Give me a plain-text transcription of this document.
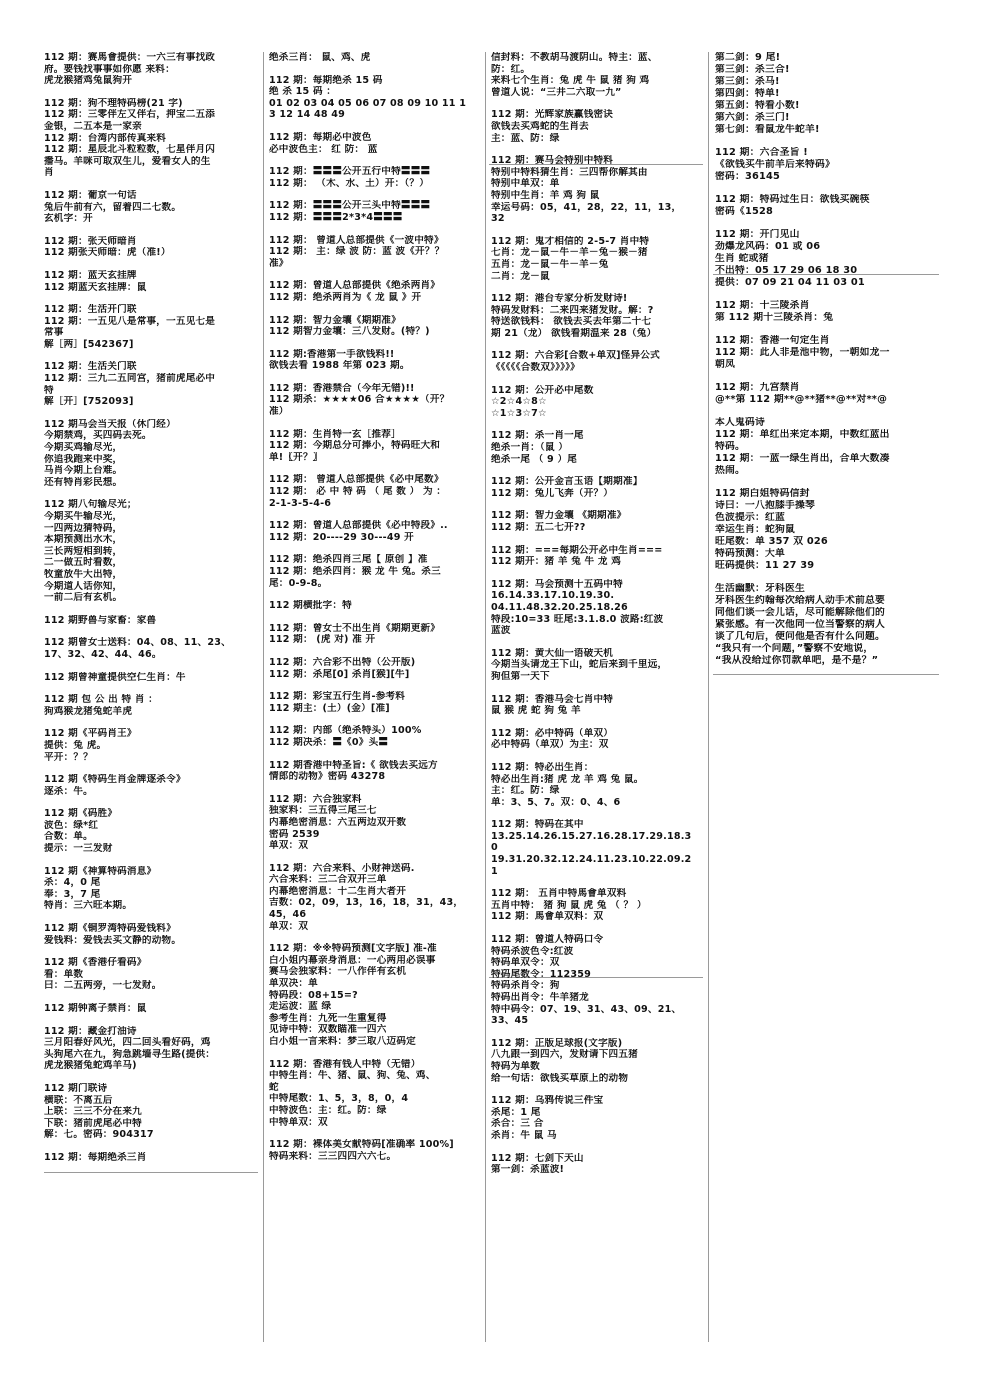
112 期：赛馬會提供：一六三有事找政
府。要钱找事事如你愿 来料：
虎龙猴猪鸡兔鼠狗开
112 期：狗不理特码榜(21 字)
112 期：三零伴左又伴右，押宝二五添
金银，二五本是一家亲
112 期：台湾内部传真来料
112 期：星辰北斗粒粒数，七星伴月闪
播马。羊咪可取双生儿，爱看女人的生
肖
112 期：葡京一句话
兔后牛前有六，留着四二七数。
玄机字：开
112 期：张天师暗肖
112 期张天师暗：虎（准!）
112 期：蓝天玄挂牌
112 期蓝天玄挂牌：鼠
112 期：生活开门联
112 期：一五见八是常事，一五见七是
常事
解［两］[542367]
112 期：生活关门联
112 期：三九二五同宫，猪前虎尾必中
特
解［开］[752093]
112 期马会当天报（休门经）
今期禁鸡，买四码去死。
今期买鸡输尽光，
你追我跑来中奖，
马肖今期上台难。
还有特肖彩民想。
112 期八句输尽光；
今期买牛输尽光，
一四两边猜特码，
本期预测出水木，
三长两短相到转，
二一做五时看数，
牧童放牛大出特，
今期道人话你知，
一前二后有玄机。
112 期野兽与家畜：家兽
112 期曾女士送料：04、08、11、23、
17、32、42、44、46。
112 期曾神童提供空仁生肖：牛
112 期 包 公 出 特 肖 ：
狗鸡猴龙猪兔蛇羊虎
112 期《平码肖王》
提供：兔 虎。
平开：？？
112 期《特码生肖金牌逐杀令》
逐杀：牛。
112 期《码胜》
波色：绿*红
合数：单。
提示：一三发财
112 期《神算特码消息》
杀：4，0 尾
奉：3，7 尾
特肖：三六旺本期。
112 期《铜罗湾特码爱钱料》
爱钱料：爱钱去买文静的动物。
112 期《香港仔看码》
看：单数
曰：二五两旁，一七发财。
112 期钟离子禁肖：鼠
112 期：藏金打油诗
三月阳春好风光，四二回头看好码，鸡
头狗尾六在九，狗急跳墙寻生路(提供：
虎龙猴猪兔蛇鸡羊马)
112 期门联诗
横联：不离五后
上联：三三不分在来九
下联：猪前虎尾必中特
解：七。密码：904317
112 期：每期绝杀三肖
绝杀三肖： 鼠、鸡、虎
112 期：每期绝杀 15 码
绝 杀 15 码 ：
01 02 03 04 05 06 07 08 09 10 11 1
3 12 14 48 49
112 期：每期必中波色
必中波色主： 红 防： 蓝
112 期：〓〓〓公开五行中特〓〓〓
112 期： （木、水、土）开：（？）
112 期：〓〓〓公开三头中特〓〓〓
112 期：〓〓〓2*3*4〓〓〓
112 期： 曾道人总部提供《一波中特》
112 期： 主：绿 波 防：蓝 波《开？？
准》
112 期：曾道人总部提供《绝杀两肖》
112 期：绝杀两肖为《 龙 鼠 》开
112 期：智力金壤《期期准》
112 期智力金壤：三八发财。(特？)
112 期:香港第一手欲钱料!!
欲钱去看 1988 年第 023 期。
112 期：香港禁合（今年无错)!!
112 期杀：★★★★06 合★★★★（开？
准）
112 期：生肖特一玄［推荐］
112 期：今期总分可捧小，特码旺大和
单!〖开？〗
112 期： 曾道人总部提供《必中尾数》
112 期： 必 中 特 码 （ 尾 数 ） 为 ：
2-1-3-5-4-6
112 期：曾道人总部提供《必中特段》..
112 期：20----29 30---49 开
112 期：绝杀四肖三尾【 原创 】准
112 期：绝杀四肖：猴 龙 牛 兔。杀三
尾：0-9-8。
112 期横批字：特
112 期：曾女士不出生肖《期期更新》
112 期： (虎 对) 准 开
112 期：六合彩不出特（公开版)
112 期：杀尾[0] 杀肖[猴][牛]
112 期：彩宝五行生肖-参考料
112 期主：(土）(金）[准]
112 期：内部（绝杀特头）100%
112 期决杀：〓《0》头〓
112 期香港中特圣旨:《 欲钱去买远方
情郎的动物》密码 43278
112 期：六合独家料
独家料：三五得三尾三七
内幕绝密消息：六五两边双开数
密码 2539
单双：双
112 期：六合来料、小财神送码.
六合来料：三二合双开三单
内幕绝密消息：十二生肖大者开
吉数：02，09，13，16，18，31，43，
45，46
单双：双
112 期：※※特码预测[文字版] 准-准
白小姐内幕亲身消息：一心两用必误事
赛马会独家料：一八作伴有玄机
单双决：单
特码段：08+15=?
走运波：蓝 绿
参考生肖：九死一生重复得
见诗中特：双数瞄准一四六
白小姐一言来料：梦三取八迈码定
112 期：香港有钱人中特（无错）
中特生肖：牛、猪、鼠、狗、兔、鸡、
蛇
中特尾数：1、5，3，8，0，4
中特波色：主：红。防：绿
中特单双：双
112 期：裸体美女献特码[准确率 100%]
特码来料：三三四四六六七。
信封料：不教胡马渡阴山。特主：蓝、
防：红。
来料七个生肖：兔 虎 牛 鼠 猪 狗 鸡
曾道人说：“三井二六取一九”
112 期：光辉家族赢钱密诀
欲钱去买鸡蛇的生肖去
主：蓝、防：绿
112 期：赛马会特别中特料
特别中特料猜生肖：三四帮你解其由
特别中单双：单
特别中生肖：羊 鸡 狗 鼠
幸运号码：05，41，28，22，11，13，
32
112 期：鬼才相信的 2-5-7 肖中特
七肖：龙－鼠－牛－羊－兔－猴－猪
五肖：龙－鼠－牛－羊－兔
二肖：龙－鼠
112 期：港台专家分析发财诗!
特码发财料：二来四来猪发财。解：?
特送欲钱料： 欲钱去买去年第二十七
期 21（龙） 欲钱看期温来 28（兔）
112 期：六合彩[合数+单双]怪异公式
《《《《《合数双》》》》》
112 期：公开必中尾数
☆2☆4☆8☆
☆1☆3☆7☆
112 期：杀一肖一尾
绝杀一肖：（鼠 ）
绝杀一尾 （ 9 ）尾
112 期：公开金言玉语【期期准】
112 期：兔儿飞奔（开？）
112 期：智力金壤 《期期准》
112 期：五二七开??
112 期：===每期公开必中生肖===
112 期开：猪 羊 兔 牛 龙 鸡
112 期：马会预测十五码中特
16.14.33.17.10.19.30.
04.11.48.32.20.25.18.26
特段:10=33 旺尾:3.1.8.0 波路:红波
蓝波
112 期：黄大仙一语破天机
今期当头请龙王下山，蛇后来到千里远，
狗但第一天下
112 期：香港马会七肖中特
鼠 猴 虎 蛇 狗 兔 羊
112 期：必中特码（单双）
必中特码（单双）为主：双
112 期：特必出生肖：
特必出生肖:猪 虎 龙 羊 鸡 兔 鼠。
主：红。防：绿
单：3、5、7。双：0、4、6
112 期：特码在其中
13.25.14.26.15.27.16.28.17.29.18.3
0
19.31.20.32.12.24.11.23.10.22.09.2
1
112 期： 五肖中特馬會单双料
五肖中特： 猪 狗 鼠 虎 兔 （ ？ ）
112 期：馬會单双料：双
112 期：曾道人特码口令
特码杀波色令:红波
特码单双令：双
特码尾数令：112359
特码杀肖令：狗
特码出肖令：牛羊猪龙
特中码令：07、19、31、43、09、21、
33、45
112 期：正版足球报(文字版)
八九跟一到四六，发财请下四五猪
特码为单数
给一句话：欲钱买草原上的动物
112 期：乌鸦传说三件宝
杀尾：1 尾
杀合：三 合
杀肖：牛 鼠 马
112 期：七剑下天山
第一剑：杀蓝波!
第二剑：9 尾!
第三剑：杀三合!
第三剑：杀马!
第四剑：特单!
第五剑：特看小数!
第六剑：杀三门!
第七剑：看鼠龙牛蛇羊!
112 期：六合圣旨 !
《欲钱买牛前羊后来特码》
密码：36145
112 期：特码过生日：欲钱买碗筷
密码《1528
112 期：开门见山
劲爆龙风码：01 或 06
生肖 蛇或猪
不出特：05 17 29 06 18 30
提供：07 09 21 04 11 03 01
112 期：十三陵杀肖
第 112 期十三陵杀肖：兔
112 期：香港一句定生肖
112 期：此人非是池中物，一朝如龙一
朝凤
112 期：九宫禁肖
@**第 112 期**@**猪**@**对**@
本人鬼码诗
112 期：单红出来定本期，中数红蓝出
特码。
112 期：一蓝一绿生肖出，合单大数凑
热闹。
112 期白姐特码信封
诗曰：一八抱膝手操琴
色波提示：红蓝
幸运生肖：蛇狗鼠
旺尾数：单 357 双 026
特码预测：大单
旺码提供：11 27 39
生活幽默：牙科医生
牙科医生约翰每次给病人动手术前总要
同他们谈一会儿话，尽可能解除他们的
紧张感。有一次他同一位当警察的病人
谈了几句后，便问他是否有什么问题。
“我只有一个问题，”警察不安地说，
“我从没给过你罚款单吧，是不是？”
